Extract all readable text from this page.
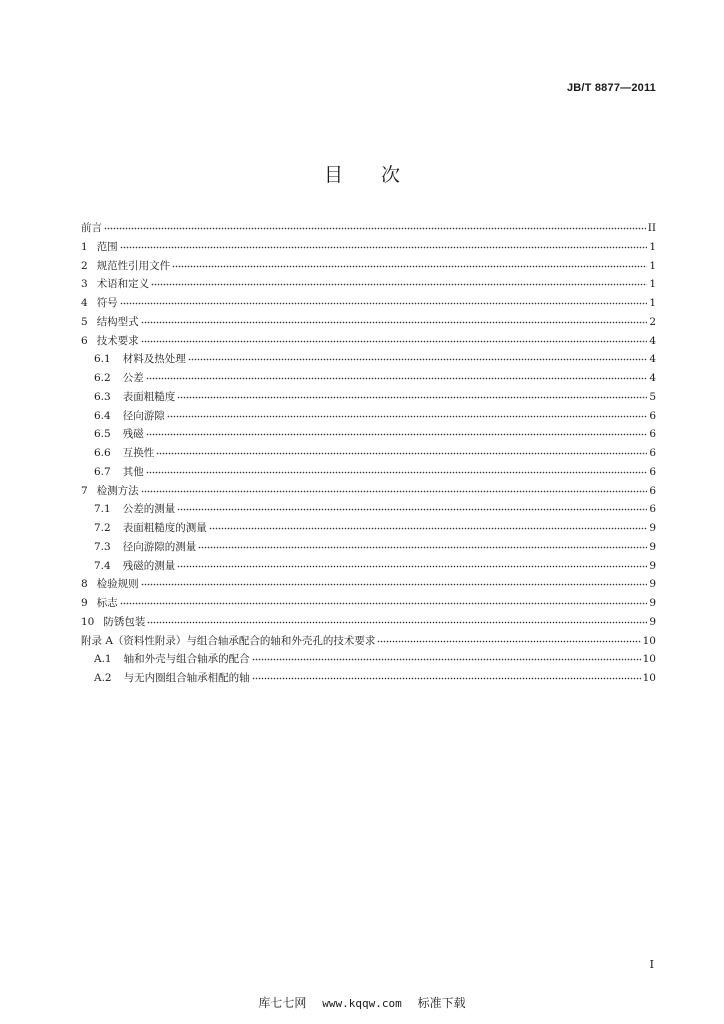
JB/T 8877—2011
目次
前言	II
1 范围	1
2 规范性引用文件	1
3 术语和定义	1
4 符号	1
5 结构型式	2
6 技术要求	4
6.1 材料及热处理	4
6.2 公差	4
6.3 表面粗糙度	5
6.4 径向游隙	6
6.5 残磁	6
6.6 互换性	6
6.7 其他	6
7 检测方法	6
7.1 公差的测量	6
7.2 表面粗糙度的测量	9
7.3 径向游隙的测量	9
7.4 残磁的测量	9
8 检验规则	9
9 标志	9
10 防锈包装	9
附录 A（资料性附录）与组合轴承配合的轴和外壳孔的技术要求	10
A.1 轴和外壳与组合轴承的配合	10
A.2 与无内圈组合轴承相配的轴	10
I
库七七网 www.kqqw.com 标准下载
